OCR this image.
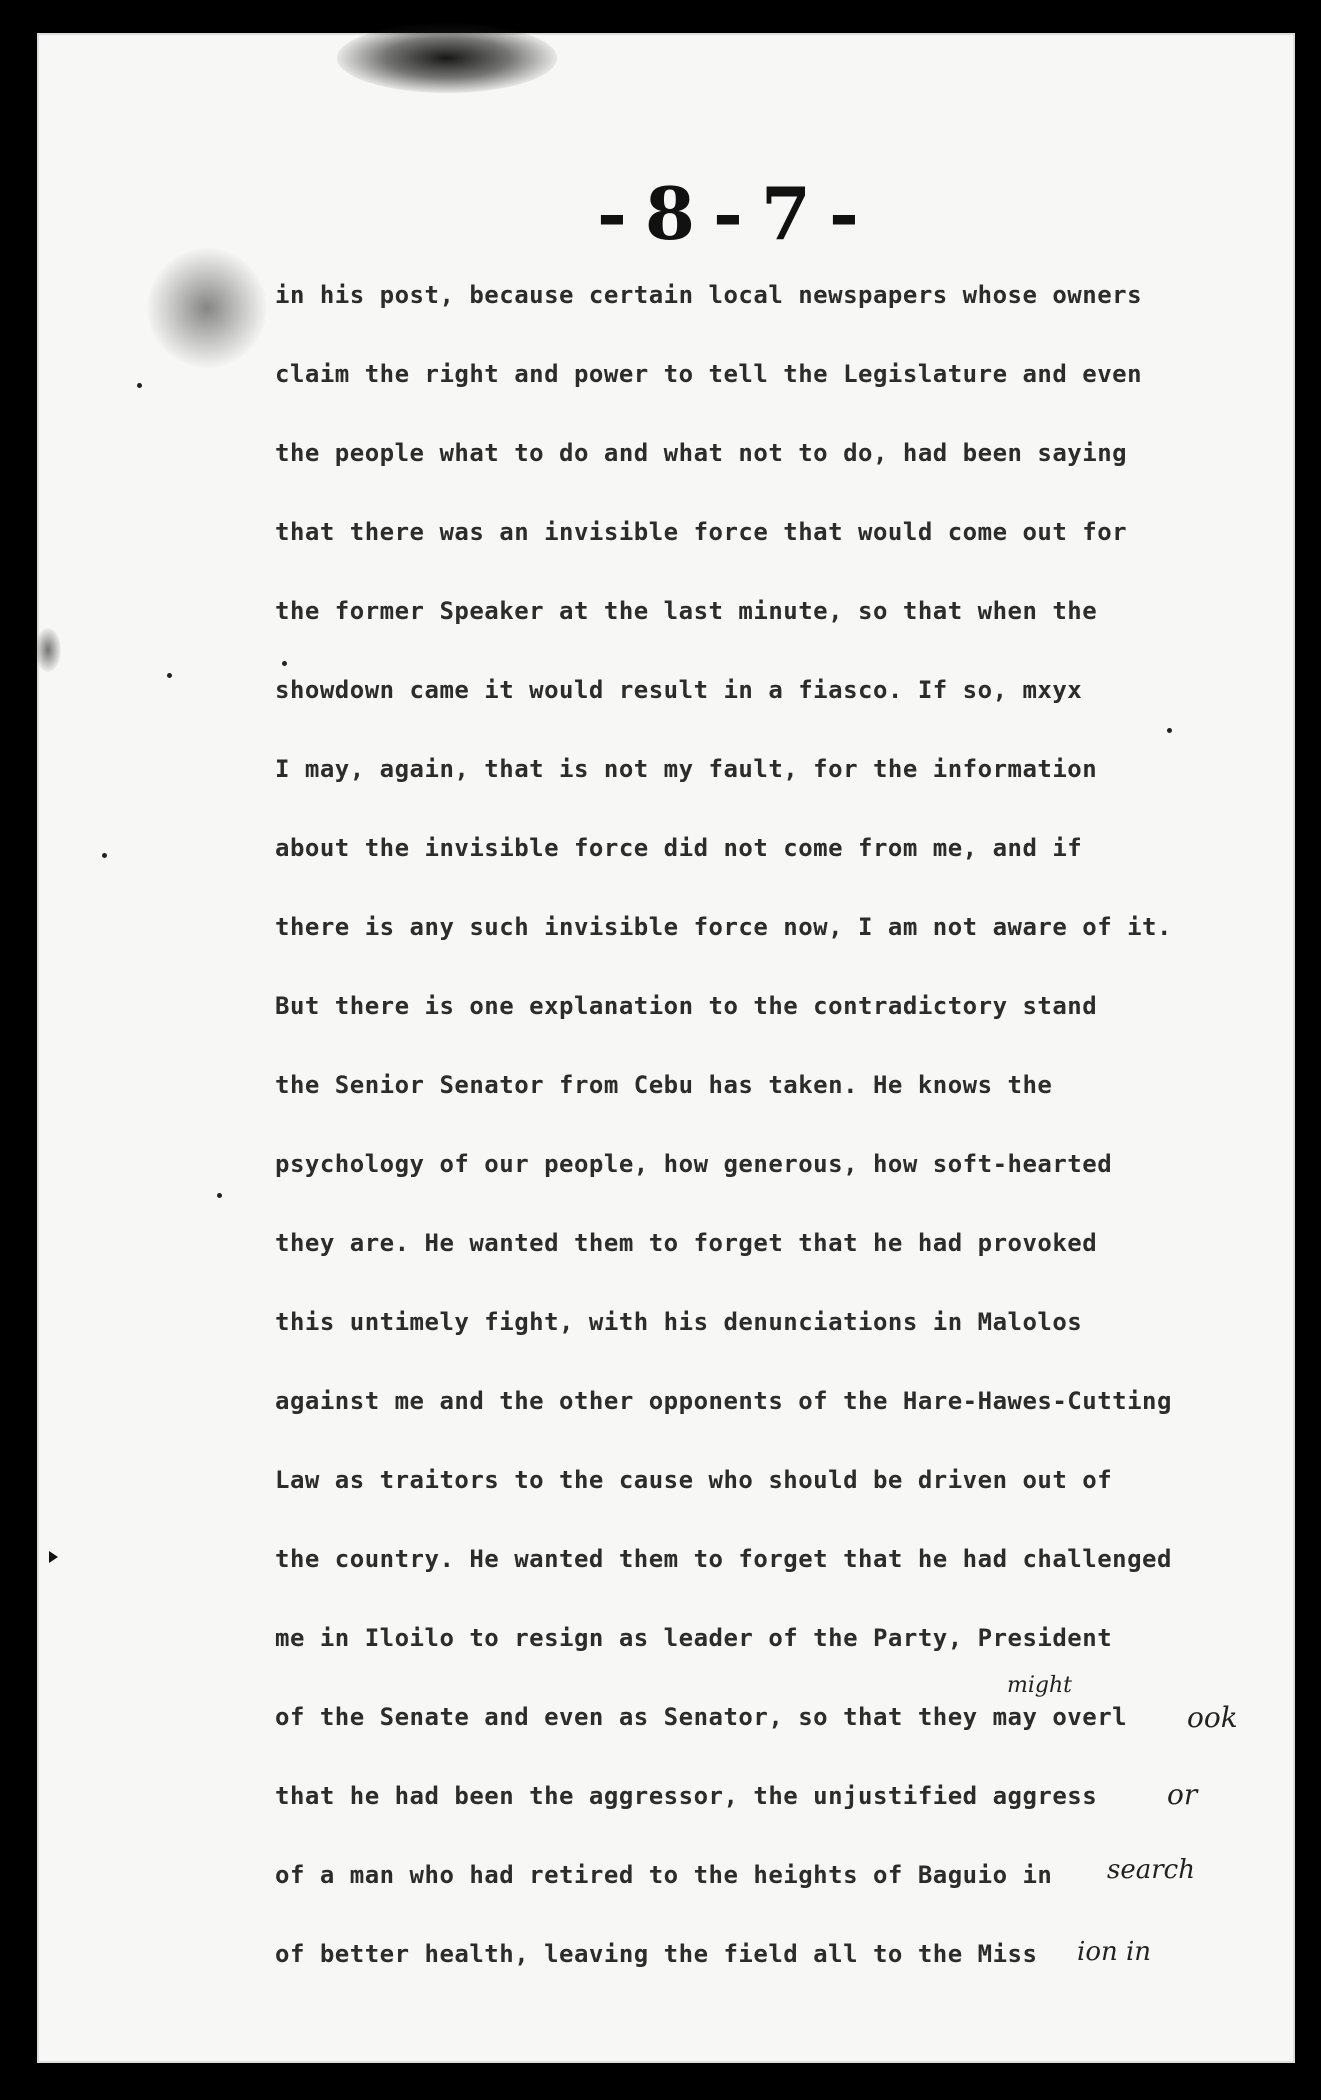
-8-7-
in his post, because certain local newspapers whose owners
claim the right and power to tell the Legislature and even
the people what to do and what not to do, had been saying
that there was an invisible force that would come out for
the former Speaker at the last minute, so that when the
showdown came it would result in a fiasco. If so, mxyx
I may, again, that is not my fault, for the information
about the invisible force did not come from me, and if
there is any such invisible force now, I am not aware of it.
But there is one explanation to the contradictory stand
the Senior Senator from Cebu has taken. He knows the
psychology of our people, how generous, how soft-hearted
they are. He wanted them to forget that he had provoked
this untimely fight, with his denunciations in Malolos
against me and the other opponents of the Hare-Hawes-Cutting
Law as traitors to the cause who should be driven out of
the country. He wanted them to forget that he had challenged
me in Iloilo to resign as leader of the Party, President
of the Senate and even as Senator, so that they may overl
that he had been the aggressor, the unjustified aggress
of a man who had retired to the heights of Baguio in
of better health, leaving the field all to the Miss
might
ook
or
search
ion in
